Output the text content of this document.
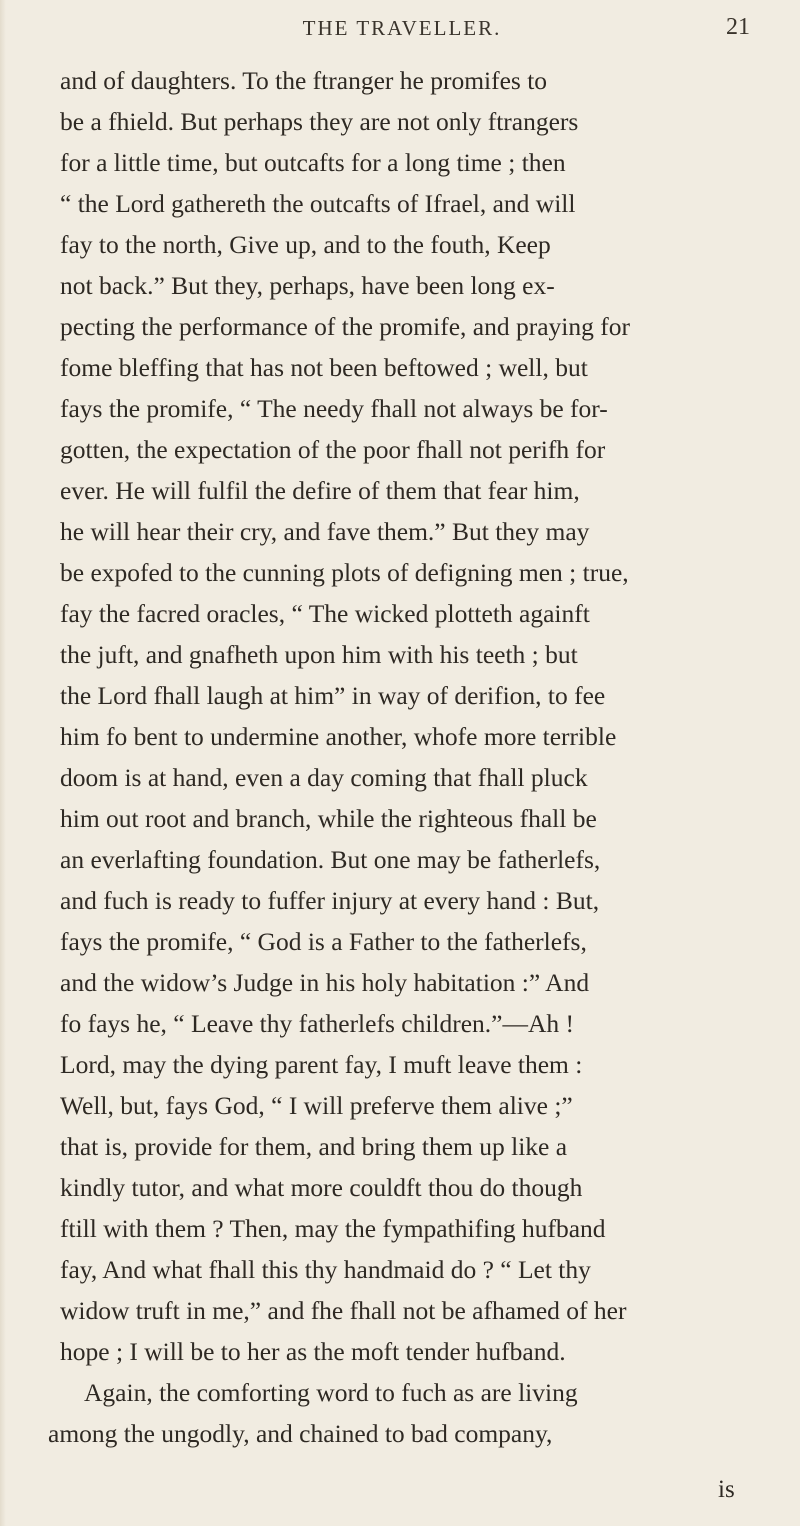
THE TRAVELLER.	21
and of daughters. To the ftranger he promifes to
be a fhield. But perhaps they are not only ftrangers
for a little time, but outcafts for a long time ; then
“ the Lord gathereth the outcafts of Ifrael, and will
fay to the north, Give up, and to the fouth, Keep
not back.” But they, perhaps, have been long ex-
pecting the performance of the promife, and praying for
fome bleffing that has not been beftowed ; well, but
fays the promife, “ The needy fhall not always be for-
gotten, the expectation of the poor fhall not perifh for
ever. He will fulfil the defire of them that fear him,
he will hear their cry, and fave them.” But they may
be expofed to the cunning plots of defigning men ; true,
fay the facred oracles, “ The wicked plotteth againft
the juft, and gnafheth upon him with his teeth ; but
the Lord fhall laugh at him” in way of derifion, to fee
him fo bent to undermine another, whofe more terrible
doom is at hand, even a day coming that fhall pluck
him out root and branch, while the righteous fhall be
an everlafting foundation. But one may be fatherlefs,
and fuch is ready to fuffer injury at every hand : But,
fays the promife, “ God is a Father to the fatherlefs,
and the widow’s Judge in his holy habitation :” And
fo fays he, “ Leave thy fatherlefs children.”—Ah !
Lord, may the dying parent fay, I muft leave them :
Well, but, fays God, “ I will preferve them alive ;”
that is, provide for them, and bring them up like a
kindly tutor, and what more couldft thou do though
ftill with them ? Then, may the fympathifing hufband
fay, And what fhall this thy handmaid do ? “ Let thy
widow truft in me,” and fhe fhall not be afhamed of her
hope ; I will be to her as the moft tender hufband.
Again, the comforting word to fuch as are living
among the ungodly, and chained to bad company,
is
